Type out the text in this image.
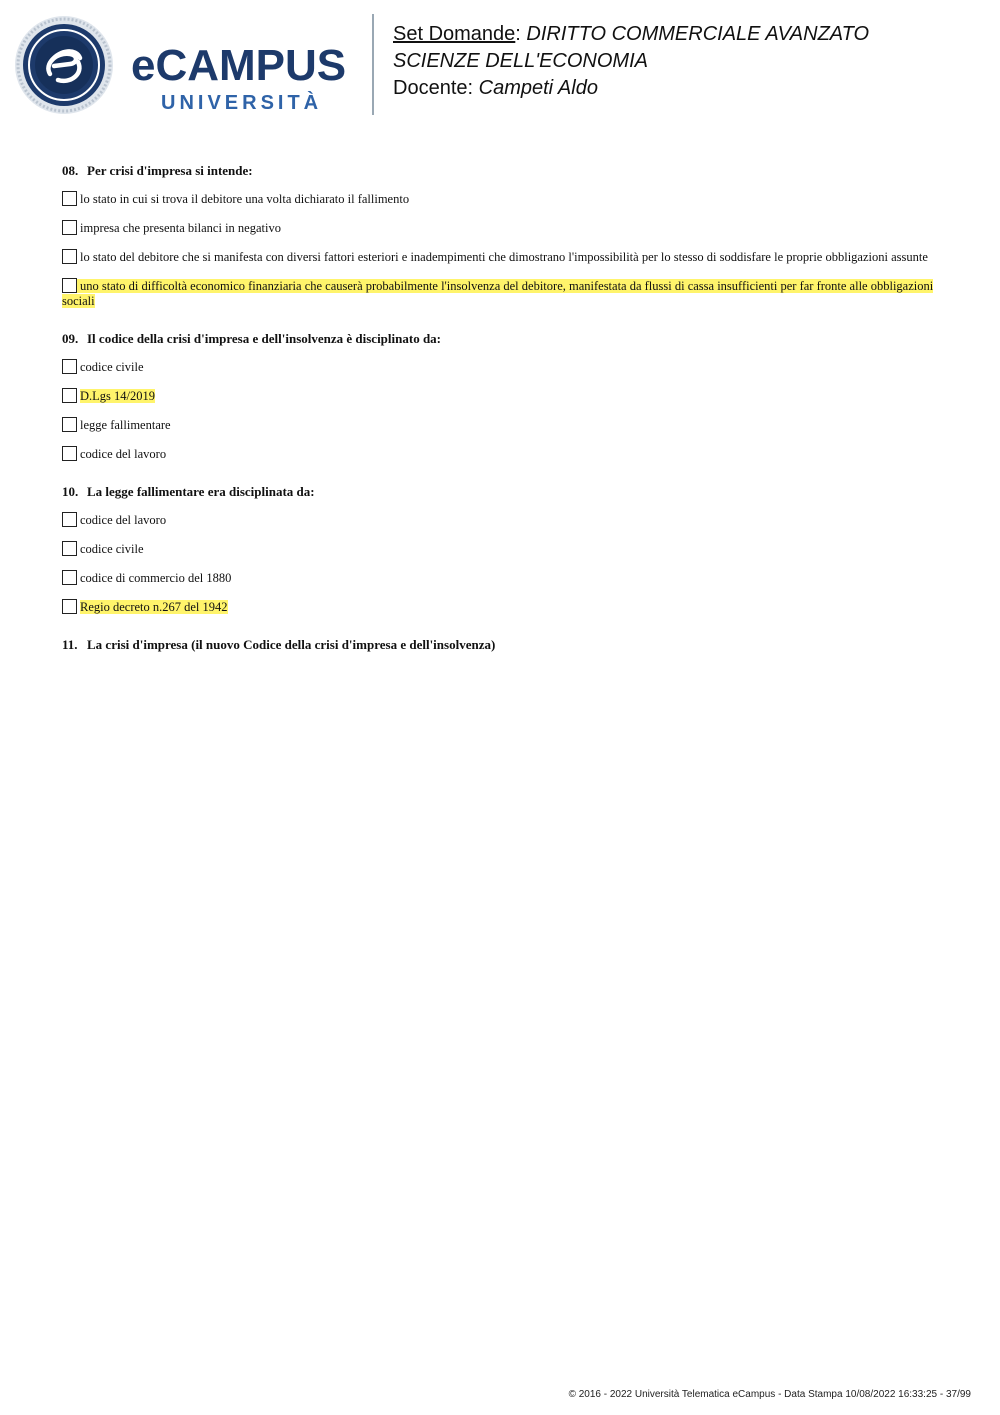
eCAMPUS
UNIVERSITÀ
Set Domande: DIRITTO COMMERCIALE AVANZATO
SCIENZE DELL'ECONOMIA
Docente: Campeti Aldo
08. Per crisi d'impresa si intende:
lo stato in cui si trova il debitore una volta dichiarato il fallimento
impresa che presenta bilanci in negativo
lo stato del debitore che si manifesta con diversi fattori esteriori e inadempimenti che dimostrano l'impossibilità per lo stesso di soddisfare le proprie obbligazioni assunte
uno stato di difficoltà economico finanziaria che causerà probabilmente l'insolvenza del debitore, manifestata da flussi di cassa insufficienti per far fronte alle obbligazioni sociali
09. Il codice della crisi d'impresa e dell'insolvenza è disciplinato da:
codice civile
D.Lgs 14/2019
legge fallimentare
codice del lavoro
10. La legge fallimentare era disciplinata da:
codice del lavoro
codice civile
codice di commercio del 1880
Regio decreto n.267 del 1942
11. La crisi d'impresa (il nuovo Codice della crisi d'impresa e dell'insolvenza)
© 2016 - 2022 Università Telematica eCampus - Data Stampa 10/08/2022 16:33:25 - 37/99
